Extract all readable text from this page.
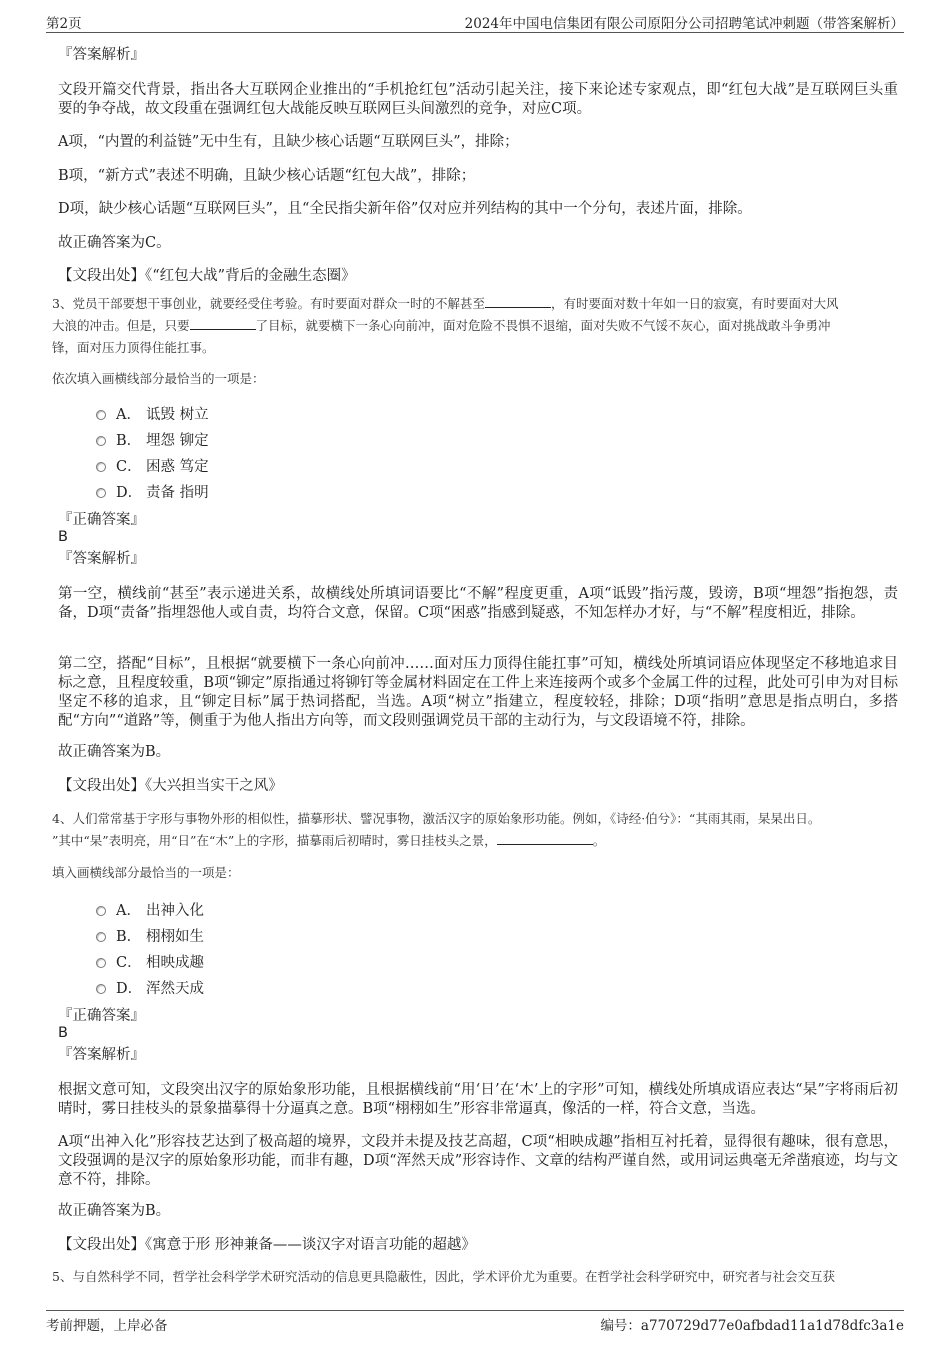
第2页	2024年中国电信集团有限公司原阳分公司招聘笔试冲刺题（带答案解析）
『答案解析』
文段开篇交代背景，指出各大互联网企业推出的“手机抢红包”活动引起关注，接下来论述专家观点，即“红包大战”是互联网巨头重要的争夺战，故文段重在强调红包大战能反映互联网巨头间激烈的竞争，对应C项。
A项，“内置的利益链”无中生有，且缺少核心话题“互联网巨头”，排除；
B项，“新方式”表述不明确，且缺少核心话题“红包大战”，排除；
D项，缺少核心话题“互联网巨头”，且“全民指尖新年俗”仅对应并列结构的其中一个分句，表述片面，排除。
故正确答案为C。
【文段出处】《“红包大战”背后的金融生态圈》
3、党员干部要想干事创业，就要经受住考验。有时要面对群众一时的不解甚至	，有时要面对数十年如一日的寂寞，有时要面对大风
大浪的冲击。但是，只要	了目标，就要横下一条心向前冲，面对危险不畏惧不退缩，面对失败不气馁不灰心，面对挑战敢斗争勇冲
锋，面对压力顶得住能扛事。
依次填入画横线部分最恰当的一项是：
A． 诋毁 树立
B． 埋怨 铆定
C． 困惑 笃定
D． 责备 指明
『正确答案』
B
『答案解析』
第一空，横线前“甚至”表示递进关系，故横线处所填词语要比“不解”程度更重，A项“诋毁”指污蔑，毁谤，B项“埋怨”指抱怨，责备，D项“责备”指埋怨他人或自责，均符合文意，保留。C项“困惑”指感到疑惑，不知怎样办才好，与“不解”程度相近，排除。
第二空，搭配“目标”，且根据“就要横下一条心向前冲……面对压力顶得住能扛事”可知，横线处所填词语应体现坚定不移地追求目标之意，且程度较重，B项“铆定”原指通过将铆钉等金属材料固定在工件上来连接两个或多个金属工件的过程，此处可引申为对目标坚定不移的追求，且“铆定目标”属于热词搭配，当选。A项“树立”指建立，程度较轻，排除；D项“指明”意思是指点明白，多搭配“方向”“道路”等，侧重于为他人指出方向等，而文段则强调党员干部的主动行为，与文段语境不符，排除。
故正确答案为B。
【文段出处】《大兴担当实干之风》
4、人们常常基于字形与事物外形的相似性，描摹形状、譬况事物，激活汉字的原始象形功能。例如，《诗经·伯兮》：“其雨其雨，杲杲出日。
”其中“杲”表明亮，用“日”在“木”上的字形，描摹雨后初晴时，雾日挂枝头之景，	。
填入画横线部分最恰当的一项是：
A． 出神入化
B． 栩栩如生
C． 相映成趣
D． 浑然天成
『正确答案』
B
『答案解析』
根据文意可知，文段突出汉字的原始象形功能，且根据横线前“用‘日’在‘木’上的字形”可知，横线处所填成语应表达“杲”字将雨后初晴时，雾日挂枝头的景象描摹得十分逼真之意。B项“栩栩如生”形容非常逼真，像活的一样，符合文意，当选。
A项“出神入化”形容技艺达到了极高超的境界，文段并未提及技艺高超，C项“相映成趣”指相互衬托着，显得很有趣味，很有意思，文段强调的是汉字的原始象形功能，而非有趣，D项“浑然天成”形容诗作、文章的结构严谨自然，或用词运典毫无斧凿痕迹，均与文意不符，排除。
故正确答案为B。
【文段出处】《寓意于形 形神兼备——谈汉字对语言功能的超越》
5、与自然科学不同，哲学社会科学学术研究活动的信息更具隐蔽性，因此，学术评价尤为重要。在哲学社会科学研究中，研究者与社会交互获
考前押题，上岸必备	编号：a770729d77e0afbdad11a1d78dfc3a1e
